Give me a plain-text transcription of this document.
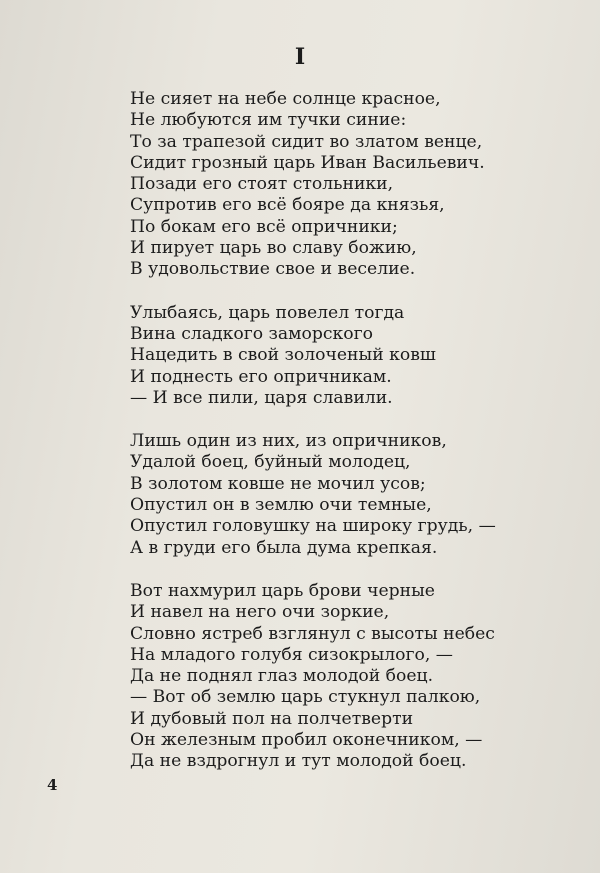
I
Не сияет на небе солнце красное,
Не любуются им тучки синие:
То за трапезой сидит во златом венце,
Сидит грозный царь Иван Васильевич.
Позади его стоят стольники,
Супротив его всё бояре да князья,
По бокам его всё опричники;
И пирует царь во славу божию,
В удовольствие свое и веселие.
Улыбаясь, царь повелел тогда
Вина сладкого заморского
Нацедить в свой золоченый ковш
И поднесть его опричникам.
— И все пили, царя славили.
Лишь один из них, из опричников,
Удалой боец, буйный молодец,
В золотом ковше не мочил усов;
Опустил он в землю очи темные,
Опустил головушку на широку грудь, —
А в груди его была дума крепкая.
Вот нахмурил царь брови черные
И навел на него очи зоркие,
Словно ястреб взглянул с высоты небес
На младого голубя сизокрылого, —
Да не поднял глаз молодой боец.
— Вот об землю царь стукнул палкою,
И дубовый пол на полчетверти
Он железным пробил оконечником, —
Да не вздрогнул и тут молодой боец.
4
